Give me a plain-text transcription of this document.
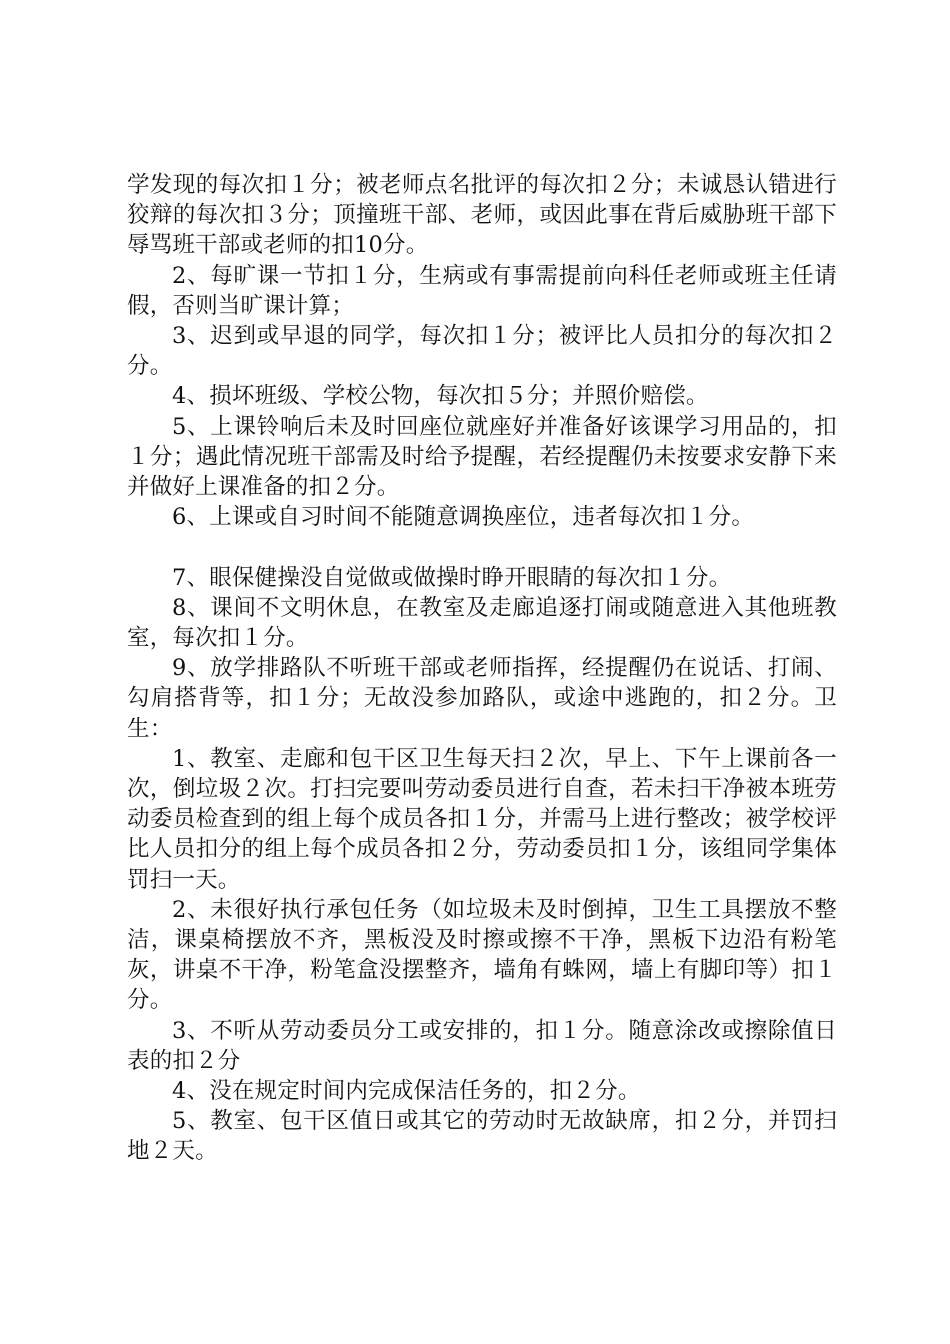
学发现的每次扣１分；被老师点名批评的每次扣２分；未诚恳认错进行狡辩的每次扣３分；顶撞班干部、老师，或因此事在背后威胁班干部下辱骂班干部或老师的扣10分。

2、每旷课一节扣１分，生病或有事需提前向科任老师或班主任请假，否则当旷课计算；

3、迟到或早退的同学，每次扣１分；被评比人员扣分的每次扣２分。

4、损坏班级、学校公物，每次扣５分；并照价赔偿。

5、上课铃响后未及时回座位就座好并准备好该课学习用品的，扣１分；遇此情况班干部需及时给予提醒，若经提醒仍未按要求安静下来并做好上课准备的扣２分。

6、上课或自习时间不能随意调换座位，违者每次扣１分。

7、眼保健操没自觉做或做操时睁开眼睛的每次扣１分。

8、课间不文明休息，在教室及走廊追逐打闹或随意进入其他班教室，每次扣１分。

9、放学排路队不听班干部或老师指挥，经提醒仍在说话、打闹、勾肩搭背等，扣１分；无故没参加路队，或途中逃跑的，扣２分。卫生：

1、教室、走廊和包干区卫生每天扫２次，早上、下午上课前各一次，倒垃圾２次。打扫完要叫劳动委员进行自查，若未扫干净被本班劳动委员检查到的组上每个成员各扣１分，并需马上进行整改；被学校评比人员扣分的组上每个成员各扣２分，劳动委员扣１分，该组同学集体罚扫一天。

2、未很好执行承包任务（如垃圾未及时倒掉，卫生工具摆放不整洁，课桌椅摆放不齐，黑板没及时擦或擦不干净，黑板下边沿有粉笔灰，讲桌不干净，粉笔盒没摆整齐，墙角有蛛网，墙上有脚印等）扣１分。

3、不听从劳动委员分工或安排的，扣１分。随意涂改或擦除值日表的扣２分

4、没在规定时间内完成保洁任务的，扣２分。

5、教室、包干区值日或其它的劳动时无故缺席，扣２分，并罚扫地２天。
